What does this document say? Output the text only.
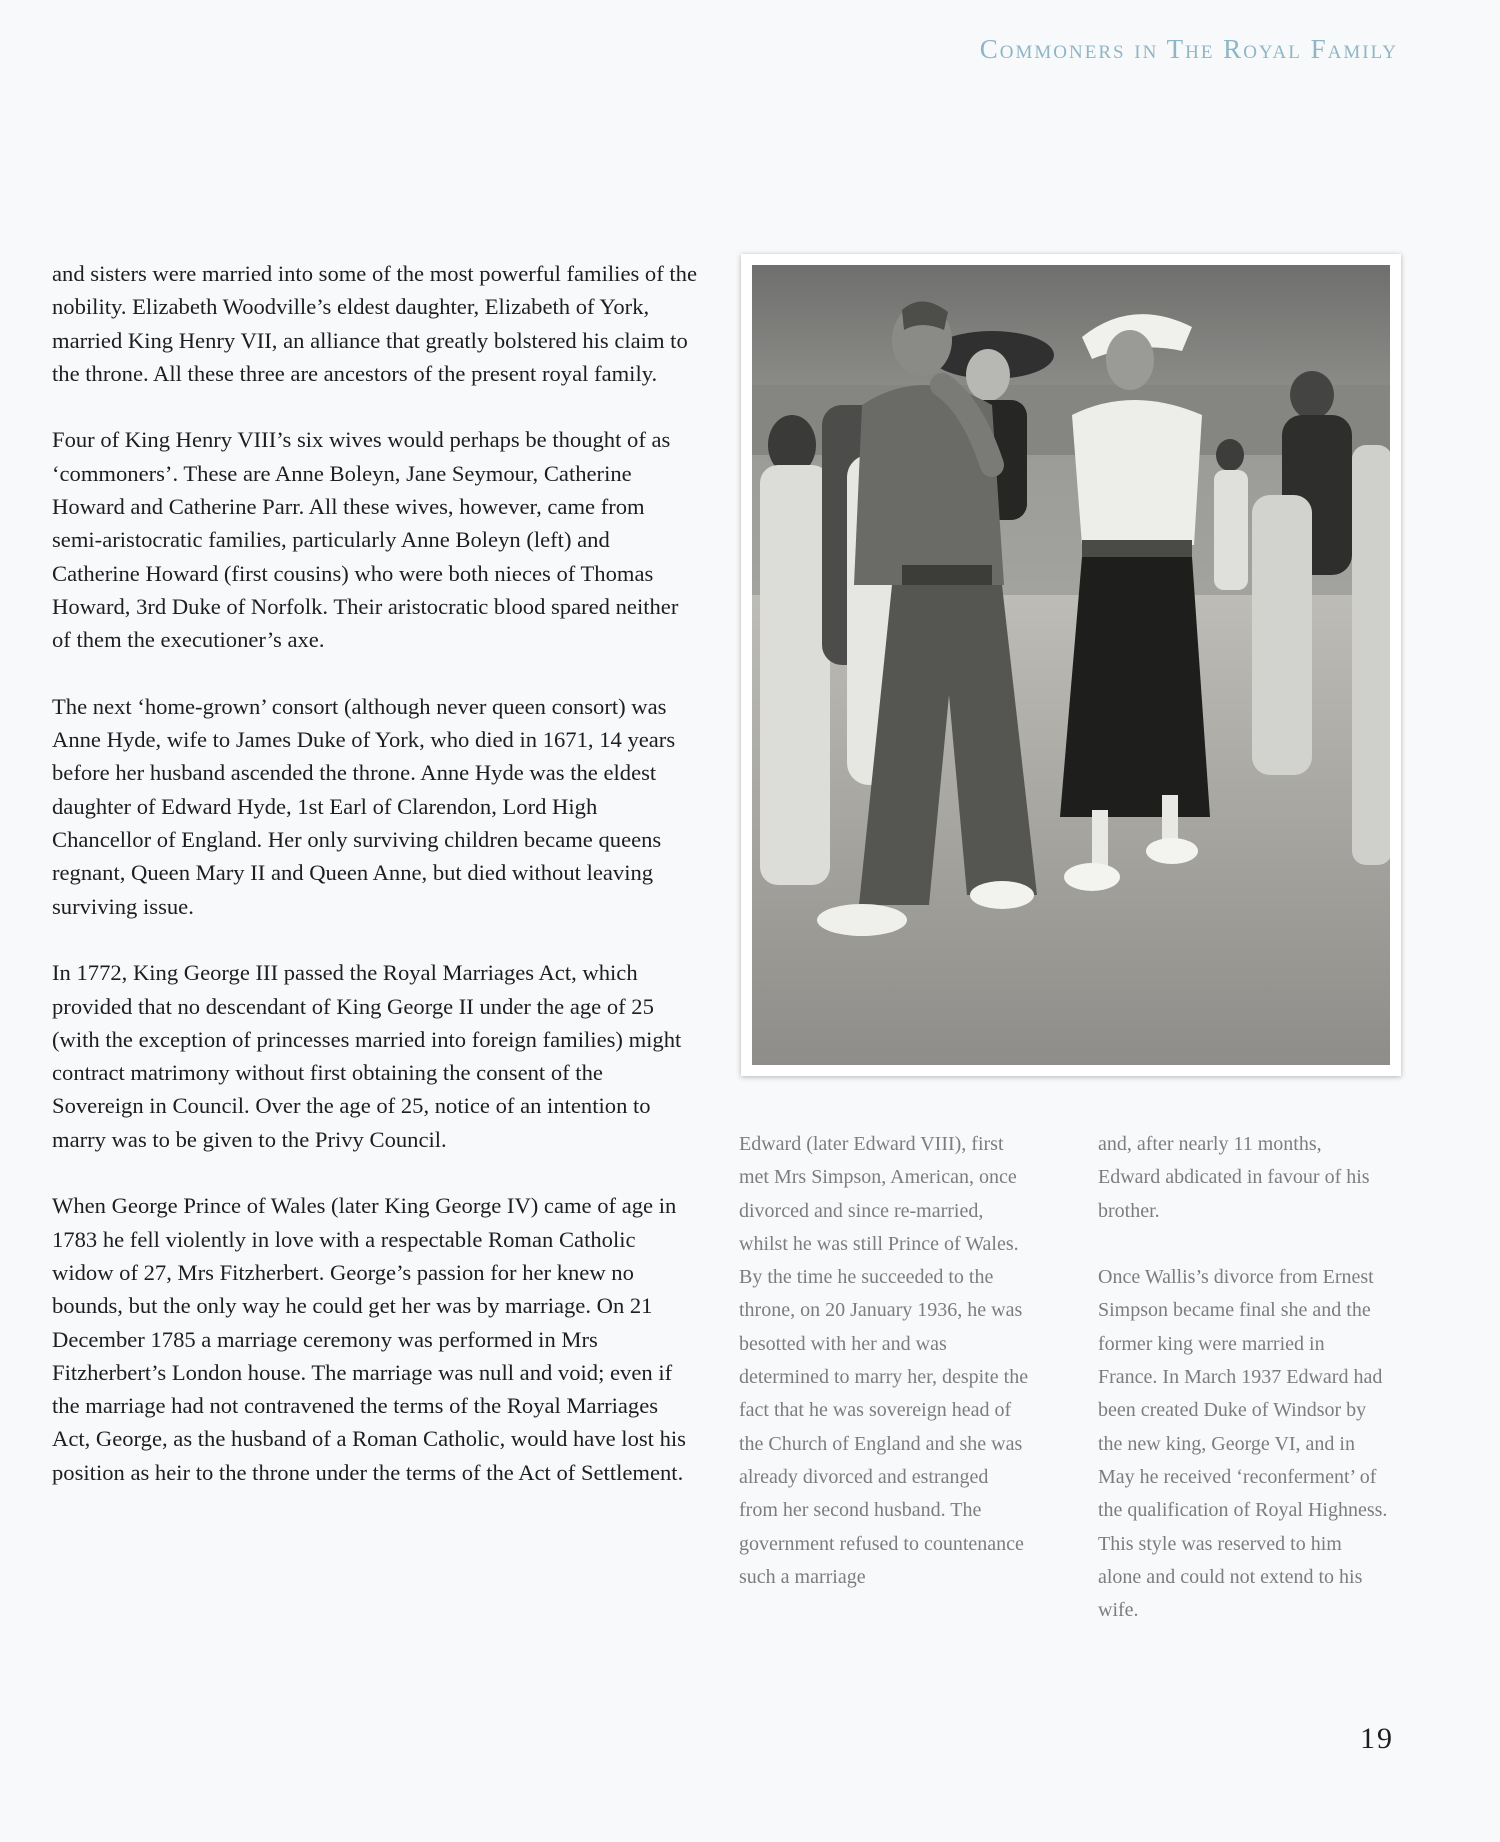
Commoners in The Royal Family

and sisters were married into some of the most powerful families of the nobility. Elizabeth Woodville’s eldest daughter, Elizabeth of York, married King Henry VII, an alliance that greatly bolstered his claim to the throne. All these three are ancestors of the present royal family.

Four of King Henry VIII’s six wives would perhaps be thought of as ‘commoners’. These are Anne Boleyn, Jane Seymour, Catherine Howard and Catherine Parr. All these wives, however, came from semi-aristocratic families, particularly Anne Boleyn (left) and Catherine Howard (first cousins) who were both nieces of Thomas Howard, 3rd Duke of Norfolk. Their aristocratic blood spared neither of them the executioner’s axe.

The next ‘home-grown’ consort (although never queen consort) was Anne Hyde, wife to James Duke of York, who died in 1671, 14 years before her husband ascended the throne. Anne Hyde was the eldest daughter of Edward Hyde, 1st Earl of Clarendon, Lord High Chancellor of England. Her only surviving children became queens regnant, Queen Mary II and Queen Anne, but died without leaving surviving issue.

In 1772, King George III passed the Royal Marriages Act, which provided that no descendant of King George II under the age of 25 (with the exception of princesses married into foreign families) might contract matrimony without first obtaining the consent of the Sovereign in Council. Over the age of 25, notice of an intention to marry was to be given to the Privy Council.

When George Prince of Wales (later King George IV) came of age in 1783 he fell violently in love with a respectable Roman Catholic widow of 27, Mrs Fitzherbert. George’s passion for her knew no bounds, but the only way he could get her was by marriage. On 21 December 1785 a marriage ceremony was performed in Mrs Fitzherbert’s London house. The marriage was null and void; even if the marriage had not contravened the terms of the Royal Marriages Act, George, as the husband of a Roman Catholic, would have lost his position as heir to the throne under the terms of the Act of Settlement.

Edward (later Edward VIII), first met Mrs Simpson, American, once divorced and since re-married, whilst he was still Prince of Wales. By the time he succeeded to the throne, on 20 January 1936, he was besotted with her and was determined to marry her, despite the fact that he was sovereign head of the Church of England and she was already divorced and estranged from her second husband. The government refused to countenance such a marriage

and, after nearly 11 months, Edward abdicated in favour of his brother.

Once Wallis’s divorce from Ernest Simpson became final she and the former king were married in France. In March 1937 Edward had been created Duke of Windsor by the new king, George VI, and in May he received ‘reconferment’ of the qualification of Royal Highness. This style was reserved to him alone and could not extend to his wife.

19
